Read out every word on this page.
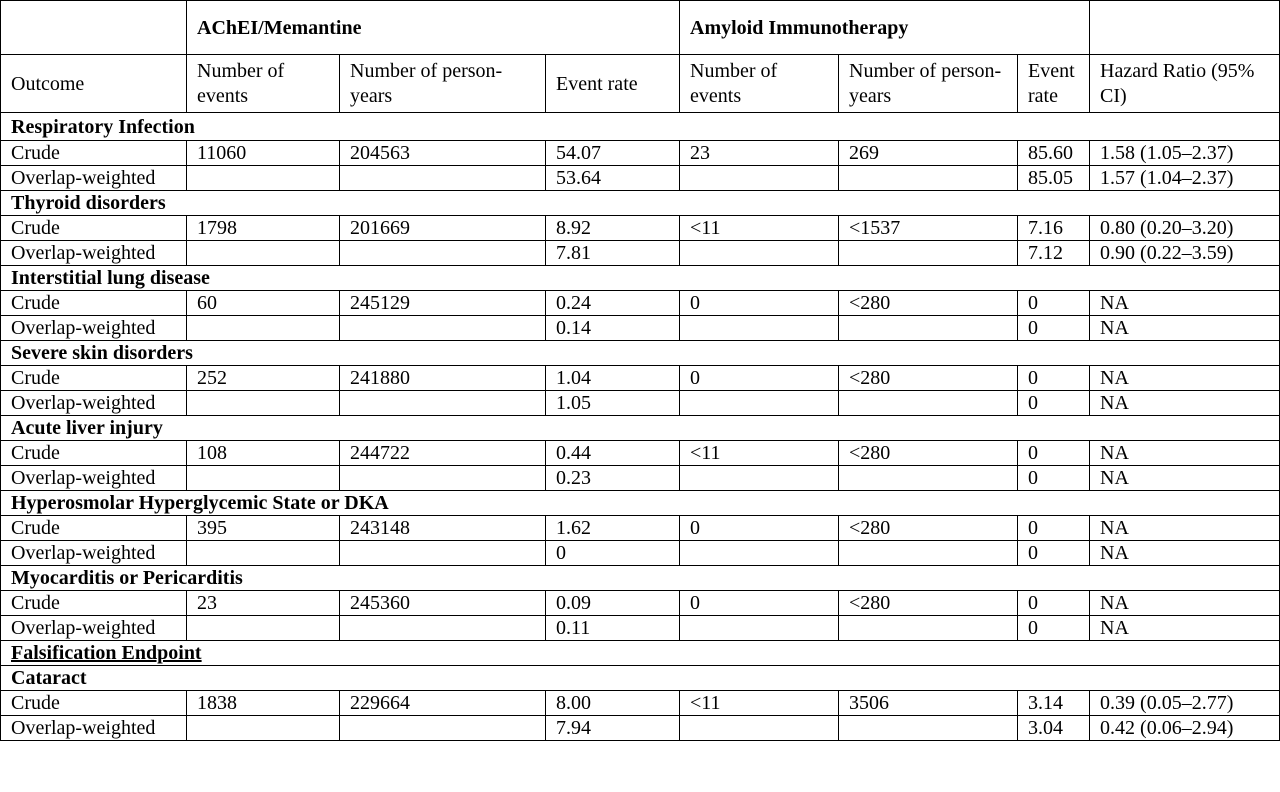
	AChEI/Memantine			Amyloid Immunotherapy			
Outcome	Number of events	Number of person-years	Event rate	Number of events	Number of person-years	Event rate	Hazard Ratio (95% CI)
Respiratory Infection							
Crude	11060	204563	54.07	23	269	85.60	1.58 (1.05–2.37)
Overlap-weighted			53.64			85.05	1.57 (1.04–2.37)
Thyroid disorders							
Crude	1798	201669	8.92	<11	<1537	7.16	0.80 (0.20–3.20)
Overlap-weighted			7.81			7.12	0.90 (0.22–3.59)
Interstitial lung disease							
Crude	60	245129	0.24	0	<280	0	NA
Overlap-weighted			0.14			0	NA
Severe skin disorders							
Crude	252	241880	1.04	0	<280	0	NA
Overlap-weighted			1.05			0	NA
Acute liver injury							
Crude	108	244722	0.44	<11	<280	0	NA
Overlap-weighted			0.23			0	NA
Hyperosmolar Hyperglycemic State or DKA							
Crude	395	243148	1.62	0	<280	0	NA
Overlap-weighted			0			0	NA
Myocarditis or Pericarditis							
Crude	23	245360	0.09	0	<280	0	NA
Overlap-weighted			0.11			0	NA
Falsification Endpoint							
Cataract							
Crude	1838	229664	8.00	<11	3506	3.14	0.39 (0.05–2.77)
Overlap-weighted			7.94			3.04	0.42 (0.06–2.94)
